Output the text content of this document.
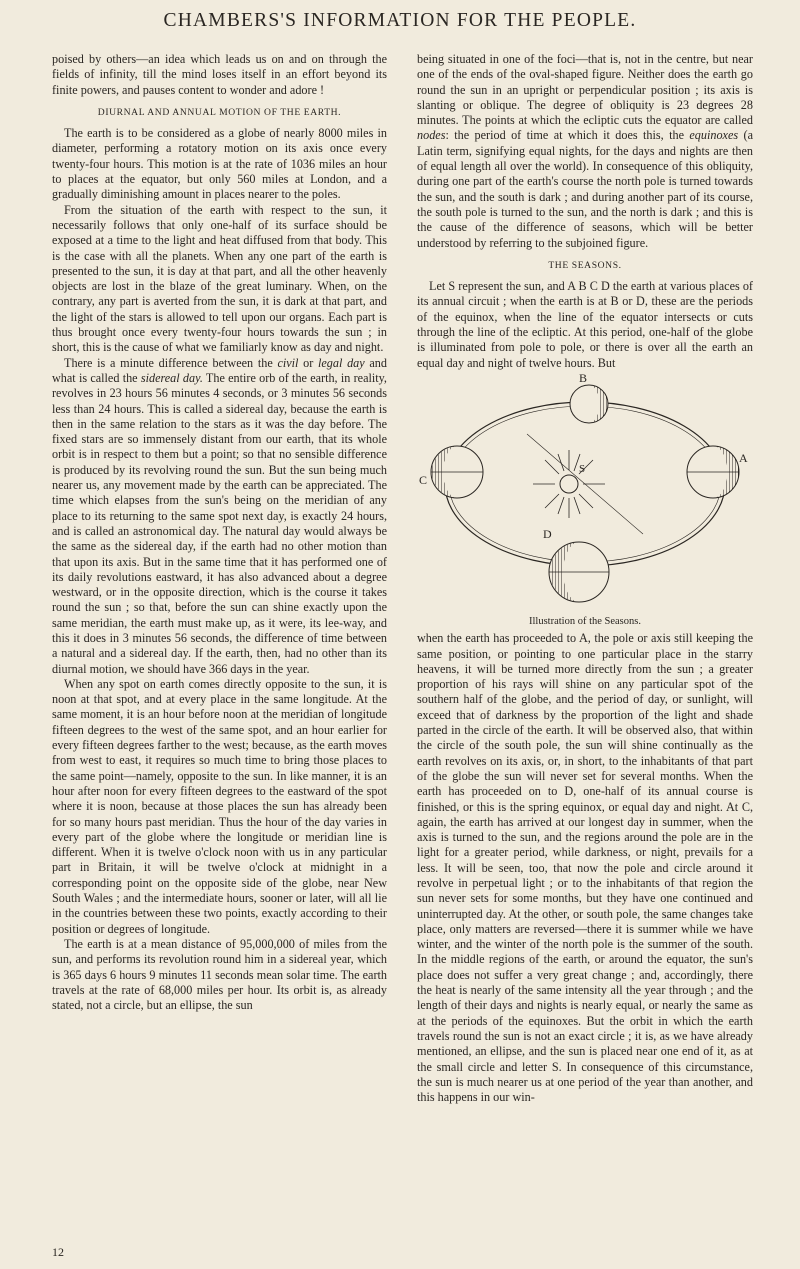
CHAMBERS'S INFORMATION FOR THE PEOPLE.

poised by others—an idea which leads us on and on through the fields of infinity, till the mind loses itself in an effort beyond its finite powers, and pauses content to wonder and adore !

DIURNAL AND ANNUAL MOTION OF THE EARTH.

The earth is to be considered as a globe of nearly 8000 miles in diameter, performing a rotatory motion on its axis once every twenty-four hours. This motion is at the rate of 1036 miles an hour to places at the equator, but only 560 miles at London, and a gradually diminishing amount in places nearer to the poles.

From the situation of the earth with respect to the sun, it necessarily follows that only one-half of its surface should be exposed at a time to the light and heat diffused from that body. This is the case with all the planets. When any one part of the earth is presented to the sun, it is day at that part, and all the other heavenly objects are lost in the blaze of the great luminary. When, on the contrary, any part is averted from the sun, it is dark at that part, and the light of the stars is allowed to tell upon our organs. Each part is thus brought once every twenty-four hours towards the sun ; in short, this is the cause of what we familiarly know as day and night.

There is a minute difference between the civil or legal day and what is called the sidereal day. The entire orb of the earth, in reality, revolves in 23 hours 56 minutes 4 seconds, or 3 minutes 56 seconds less than 24 hours. This is called a sidereal day, because the earth is then in the same relation to the stars as it was the day before. The fixed stars are so immensely distant from our earth, that its whole orbit is in respect to them but a point; so that no sensible difference is produced by its revolving round the sun. But the sun being much nearer us, any movement made by the earth can be appreciated. The time which elapses from the sun's being on the meridian of any place to its returning to the same spot next day, is exactly 24 hours, and is called an astronomical day. The natural day would always be the same as the sidereal day, if the earth had no other motion than that upon its axis. But in the same time that it has performed one of its daily revolutions eastward, it has also advanced about a degree westward, or in the opposite direction, which is the course it takes round the sun ; so that, before the sun can shine exactly upon the same meridian, the earth must make up, as it were, its lee-way, and this it does in 3 minutes 56 seconds, the difference of time between a natural and a sidereal day. If the earth, then, had no other than its diurnal motion, we should have 366 days in the year.

When any spot on earth comes directly opposite to the sun, it is noon at that spot, and at every place in the same longitude. At the same moment, it is an hour before noon at the meridian of longitude fifteen degrees to the west of the same spot, and an hour earlier for every fifteen degrees farther to the west; because, as the earth moves from west to east, it requires so much time to bring those places to the same point—namely, opposite to the sun. In like manner, it is an hour after noon for every fifteen degrees to the eastward of the spot where it is noon, because at those places the sun has already been for so many hours past meridian. Thus the hour of the day varies in every part of the globe where the longitude or meridian line is different. When it is twelve o'clock noon with us in any particular part in Britain, it will be twelve o'clock at midnight in a corresponding point on the opposite side of the globe, near New South Wales ; and the intermediate hours, sooner or later, will all lie in the countries between these two points, exactly according to their position or degrees of longitude.

The earth is at a mean distance of 95,000,000 of miles from the sun, and performs its revolution round him in a sidereal year, which is 365 days 6 hours 9 minutes 11 seconds mean solar time. The earth travels at the rate of 68,000 miles per hour. Its orbit is, as already stated, not a circle, but an ellipse, the sun

being situated in one of the foci—that is, not in the centre, but near one of the ends of the oval-shaped figure. Neither does the earth go round the sun in an upright or perpendicular position ; its axis is slanting or oblique. The degree of obliquity is 23 degrees 28 minutes. The points at which the ecliptic cuts the equator are called nodes: the period of time at which it does this, the equinoxes (a Latin term, signifying equal nights, for the days and nights are then of equal length all over the world). In consequence of this obliquity, during one part of the earth's course the north pole is turned towards the sun, and the south is dark ; and during another part of its course, the south pole is turned to the sun, and the north is dark ; and this is the cause of the difference of seasons, which will be better understood by referring to the subjoined figure.

THE SEASONS.

Let S represent the sun, and A B C D the earth at various places of its annual circuit ; when the earth is at B or D, these are the periods of the equinox, when the line of the equator intersects or cuts through the line of the ecliptic. At this period, one-half of the globe is illuminated from pole to pole, or there is over all the earth an equal day and night of twelve hours. But

B
C
S
A
D
Illustration of the Seasons.

when the earth has proceeded to A, the pole or axis still keeping the same position, or pointing to one particular place in the starry heavens, it will be turned more directly from the sun ; a greater proportion of his rays will shine on any particular spot of the southern half of the globe, and the period of day, or sunlight, will exceed that of darkness by the proportion of the light and shade parted in the circle of the earth. It will be observed also, that within the circle of the south pole, the sun will shine continually as the earth revolves on its axis, or, in short, to the inhabitants of that part of the globe the sun will never set for several months. When the earth has proceeded on to D, one-half of its annual course is finished, or this is the spring equinox, or equal day and night. At C, again, the earth has arrived at our longest day in summer, when the axis is turned to the sun, and the regions around the pole are in the light for a greater period, while darkness, or night, prevails for a less. It will be seen, too, that now the pole and circle around it revolve in perpetual light ; or to the inhabitants of that region the sun never sets for some months, but they have one continued and uninterrupted day. At the other, or south pole, the same changes take place, only matters are reversed—there it is summer while we have winter, and the winter of the north pole is the summer of the south. In the middle regions of the earth, or around the equator, the sun's place does not suffer a very great change ; and, accordingly, there the heat is nearly of the same intensity all the year through ; and the length of their days and nights is nearly equal, or nearly the same as at the periods of the equinoxes. But the orbit in which the earth travels round the sun is not an exact circle ; it is, as we have already mentioned, an ellipse, and the sun is placed near one end of it, as at the small circle and letter S. In consequence of this circumstance, the sun is much nearer us at one period of the year than another, and this happens in our win-

12
